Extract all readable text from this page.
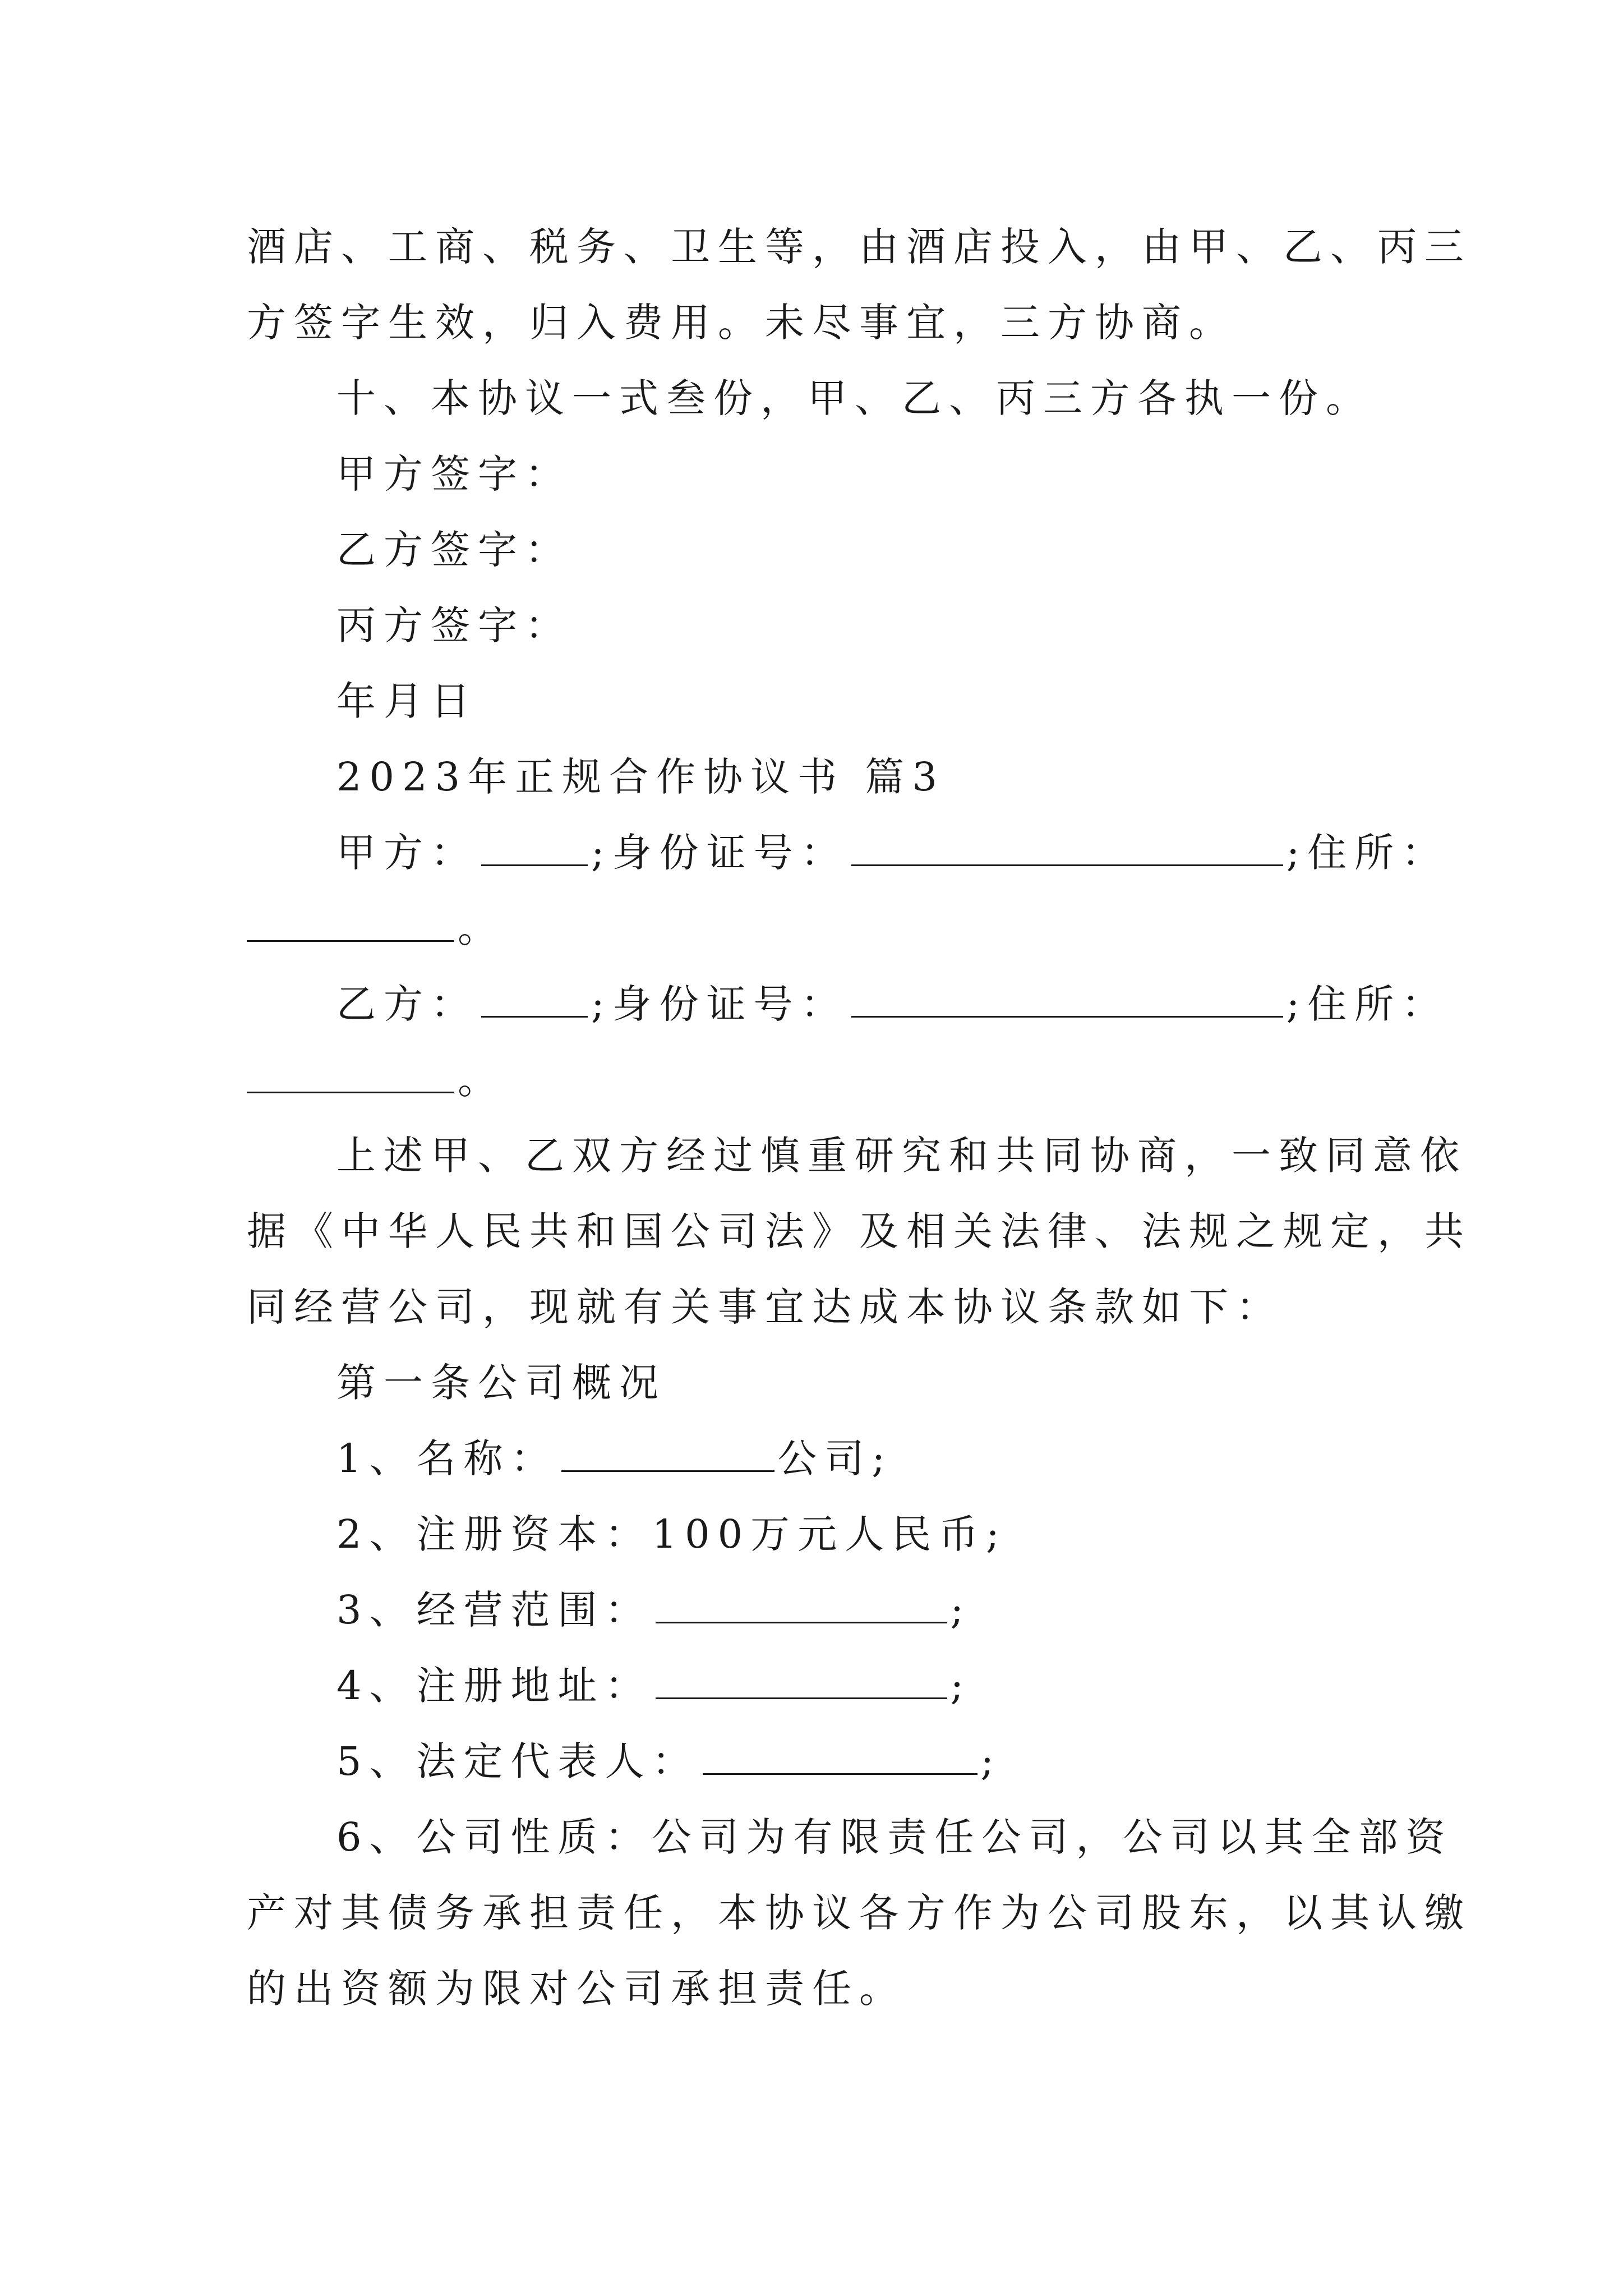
酒店、工商、税务、卫生等，由酒店投入，由甲、乙、丙三
方签字生效，归入费用。未尽事宜，三方协商。
十、本协议一式叁份，甲、乙、丙三方各执一份。
甲方签字：
乙方签字：
丙方签字：
年月日
2023年正规合作协议书 篇3
甲方：	;身份证号：	;住所：
。
乙方：	;身份证号：	;住所：
。
上述甲、乙双方经过慎重研究和共同协商，一致同意依
据《中华人民共和国公司法》及相关法律、法规之规定，共
同经营公司，现就有关事宜达成本协议条款如下：
第一条公司概况
1、名称：	公司;
2、注册资本：100万元人民币;
3、经营范围：	;
4、注册地址：	;
5、法定代表人：	;
6、公司性质：公司为有限责任公司，公司以其全部资
产对其债务承担责任，本协议各方作为公司股东，以其认缴
的出资额为限对公司承担责任。
